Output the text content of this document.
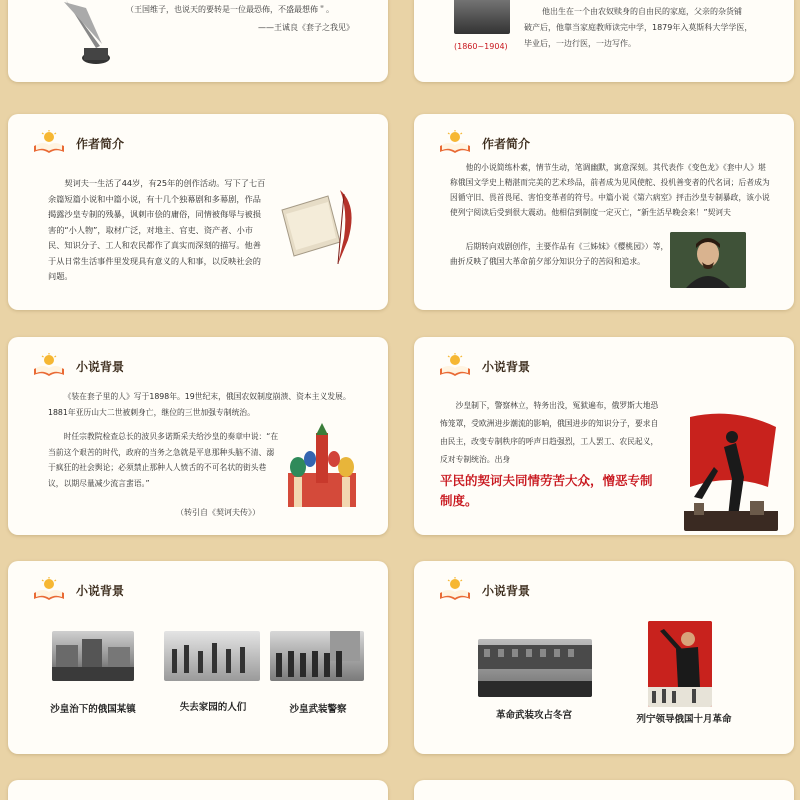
（王国维子，也说天的要转是一位最恐佈，不盛最想佈＂。
——王诚良《套子之我见》
(1860~1904)
他出生在一个由农奴赎身的自由民的家庭，父亲的杂货铺
破产后，他靠当家庭教师读完中学，1879年入莫斯科大学学医，
毕业后，一边行医，一边写作。
作者简介
契诃夫一生活了44岁，有25年的创作活动。写下了七百余篇短篇小说和中篇小说，有十几个独幕剧和多幕剧，作品揭露沙皇专制的残暴，讽刺市侩的庸俗，同情被侮辱与被损害的“小人物”，取材广泛，对地主、官吏、资产者、小市民、知识分子、工人和农民都作了真实而深刻的描写。他善于从日常生活事件里发现具有意义的人和事，以反映社会的问题。
作者简介
他的小说简练朴素，情节生动，笔调幽默，寓意深刻。其代表作《变色龙》《套中人》堪称俄国文学史上精湛而完美的艺术珍品，前者成为见风使舵、投机善变者的代名词；后者成为因循守旧、畏首畏尾、害怕变革者的符号。中篇小说《第六病室》抨击沙皇专制暴政，该小说使列宁阅读后受到很大震动。他相信到制度一定灭亡，“新生活早晚会来！”契诃夫
后期转向戏剧创作，主要作品有《三姊妹》《樱桃园》）等，曲折反映了俄国大革命前夕部分知识分子的苦闷和追求。
小说背景
《装在套子里的人》写于1898年。19世纪末，俄国农奴制度崩溃、资本主义发展。1881年亚历山大二世被刺身亡，继位的三世加强专制统治。
时任宗教院检查总长的波贝多诺斯采夫给沙皇的奏章中说：“在当前这个艰苦的时代，政府的当务之急就是平息那种头脑不清、溺于疯狂的社会舆论；必须禁止那种人人愤舌的不可名状的街头巷议，以期尽量减少流言蜚语。”
（转引自《契诃夫传》）
小说背景
沙皇制下，警察林立，特务出没，冤狱遍布，俄罗斯大地恐怖笼罩，受欧洲进步潮流的影响，俄国进步的知识分子，要求自由民主，改变专制秩序的呼声日趋强烈，工人罢工、农民起义，反对专制统治。出身
平民的契诃夫同情劳苦大众，憎恶专制制度。
小说背景
沙皇治下的俄国某镇	失去家园的人们	沙皇武装警察
小说背景
革命武装攻占冬宫	列宁领导俄国十月革命
